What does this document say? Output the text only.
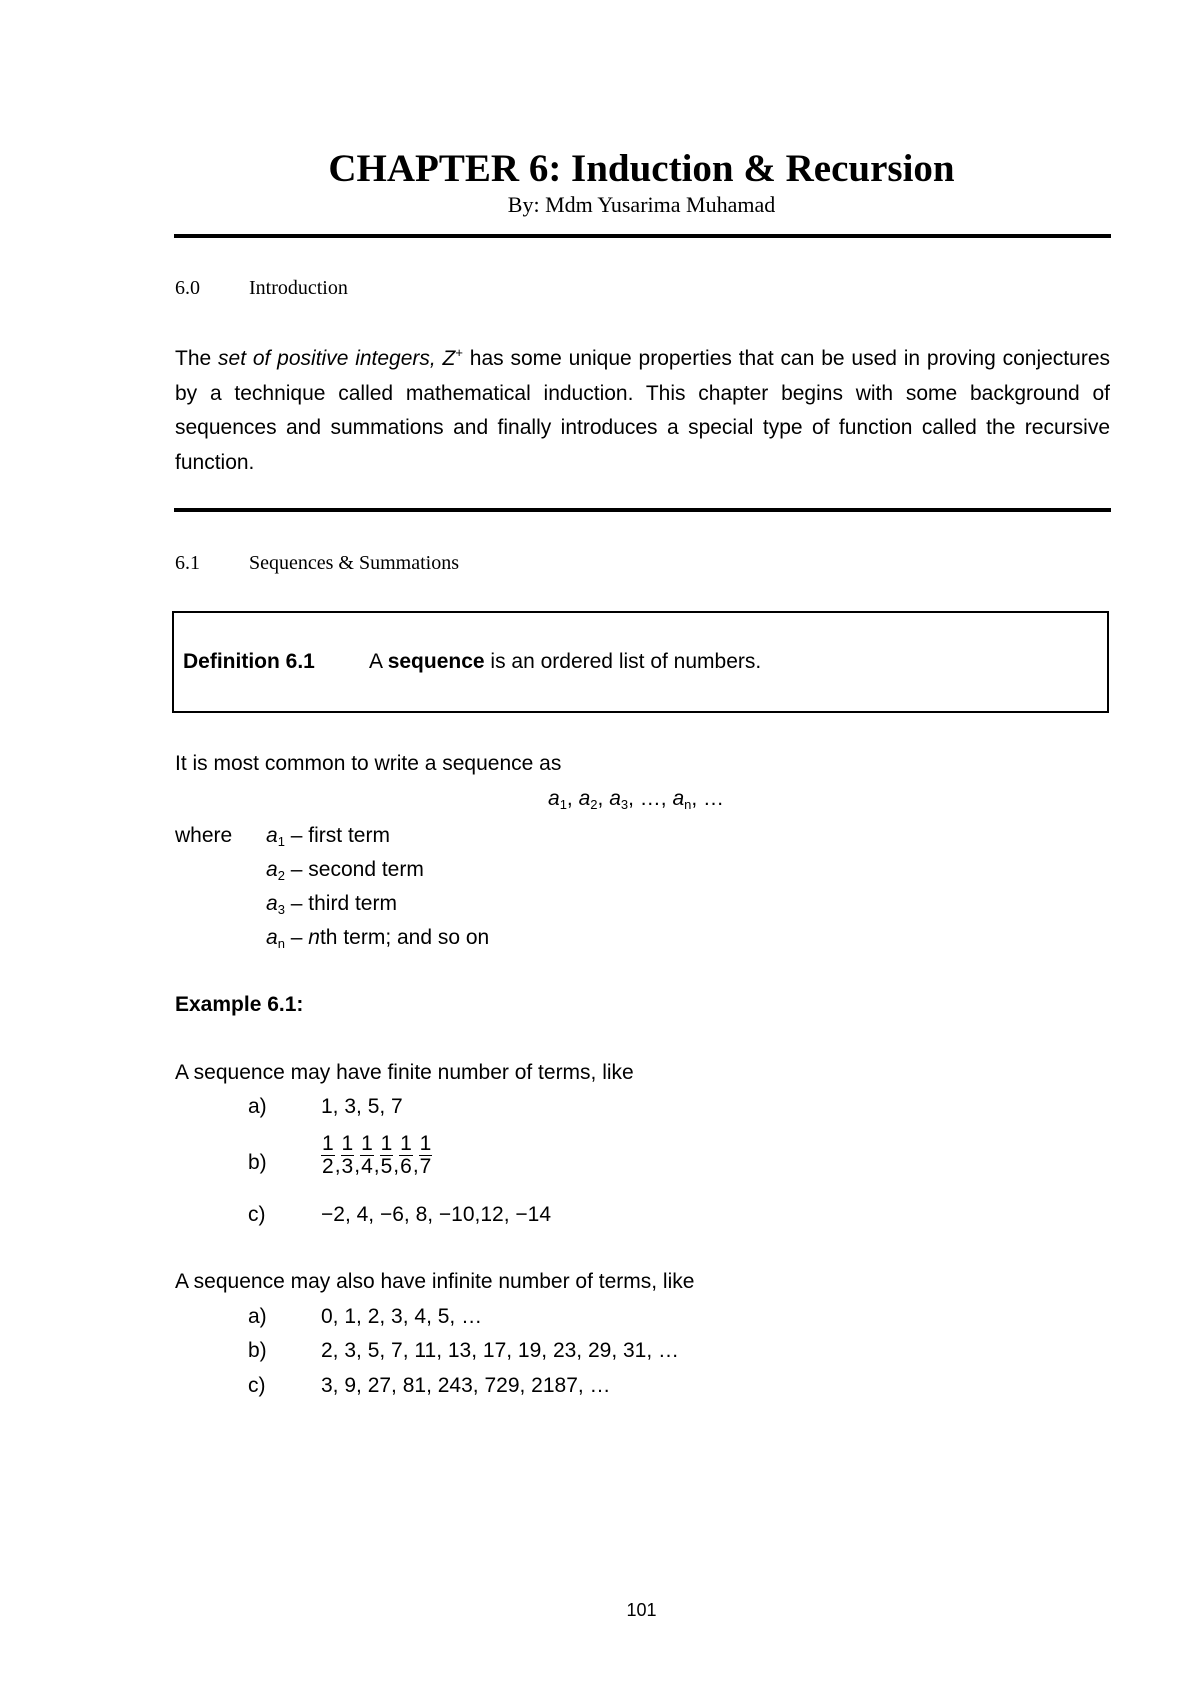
CHAPTER 6: Induction & Recursion
By: Mdm Yusarima Muhamad
6.0 Introduction
The set of positive integers, Z+ has some unique properties that can be used in proving conjectures by a technique called mathematical induction. This chapter begins with some background of sequences and summations and finally introduces a special type of function called the recursive function.
6.1 Sequences & Summations
Definition 6.1	A sequence is an ordered list of numbers.
It is most common to write a sequence as
$a_1$, $a_2$, $a_3$, …, $a_n$, …
where $a_1$ – first term
$a_2$ – second term
$a_3$ – third term
$a_n$ – nth term; and so on
Example 6.1:
A sequence may have finite number of terms, like
a)	1, 3, 5, 7
b)	$\frac{1}{2}$ , $\frac{1}{3}$ , $\frac{1}{4}$ , $\frac{1}{5}$ , $\frac{1}{6}$ , $\frac{1}{7}$
c)	−2, 4, −6, 8, −10,12, −14
A sequence may also have infinite number of terms, like
a)	0, 1, 2, 3, 4, 5, …
b)	2, 3, 5, 7, 11, 13, 17, 19, 23, 29, 31, …
c)	3, 9, 27, 81, 243, 729, 2187, …
101
